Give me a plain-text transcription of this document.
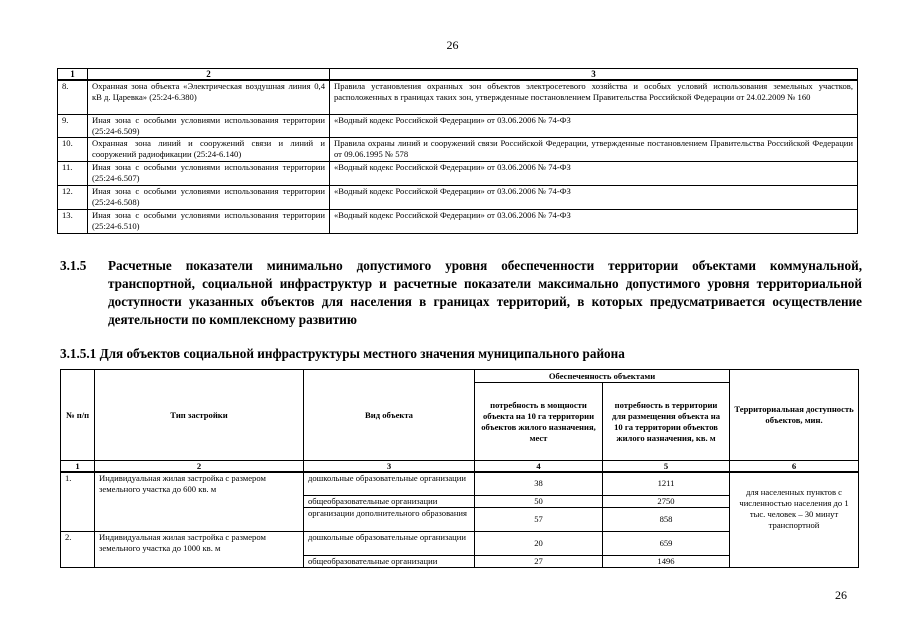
26
1	2	3
8.	Охранная зона объекта «Электрическая воздушная линия 0,4 кВ д. Царевка» (25:24-6.380)	Правила установления охранных зон объектов электросетевого хозяйства и особых условий использования земельных участков, расположенных в границах таких зон, утвержденные постановлением Правительства Российской Федерации от 24.02.2009 № 160
9.	Иная зона с особыми условиями использования территории (25:24-6.509)	«Водный кодекс Российской Федерации» от 03.06.2006 № 74-ФЗ
10.	Охранная зона линий и сооружений связи и линий и сооружений радиофикации (25:24-6.140)	Правила охраны линий и сооружений связи Российской Федерации, утвержденные постановлением Правительства Российской Федерации от 09.06.1995 № 578
11.	Иная зона с особыми условиями использования территории (25:24-6.507)	«Водный кодекс Российской Федерации» от 03.06.2006 № 74-ФЗ
12.	Иная зона с особыми условиями использования территории (25:24-6.508)	«Водный кодекс Российской Федерации» от 03.06.2006 № 74-ФЗ
13.	Иная зона с особыми условиями использования территории (25:24-6.510)	«Водный кодекс Российской Федерации» от 03.06.2006 № 74-ФЗ
3.1.5 Расчетные показатели минимально допустимого уровня обеспеченности территории объектами коммунальной, транспортной, социальной инфраструктур и расчетные показатели максимально допустимого уровня территориальной доступности указанных объектов для населения в границах территорий, в которых предусматривается осуществление деятельности по комплексному развитию
3.1.5.1 Для объектов социальной инфраструктуры местного значения муниципального района
№ п/п	Тип застройки	Вид объекта	Обеспеченность объектами		Территориальная доступность объектов, мин.
			потребность в мощности объекта на 10 га территории объектов жилого назначения, мест	потребность в территории для размещения объекта на 10 га территории объектов жилого назначения, кв. м	
1	2	3	4	5	6
1.	Индивидуальная жилая застройка с размером земельного участка до 600 кв. м	дошкольные образовательные организации	38	1211	для населенных пунктов с численностью населения до 1 тыс. человек – 30 минут транспортной
		общеобразовательные организации	50	2750	
		организации дополнительного образования	57	858	
2.	Индивидуальная жилая застройка с размером земельного участка до 1000 кв. м	дошкольные образовательные организации	20	659	
		общеобразовательные организации	27	1496	
26
